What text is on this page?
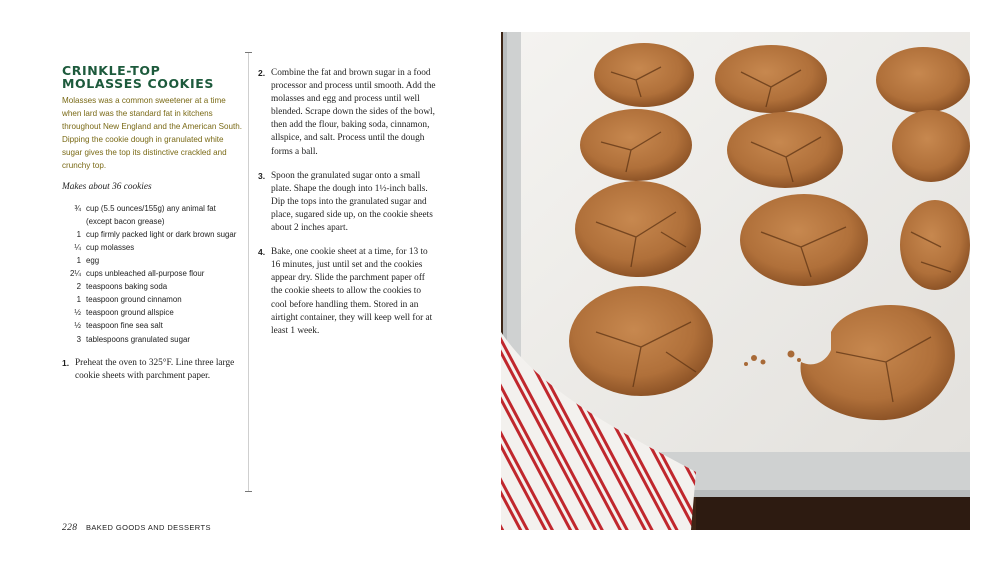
CRINKLE-TOP MOLASSES COOKIES

Molasses was a common sweetener at a time when lard was the standard fat in kitchens throughout New England and the American South. Dipping the cookie dough in granulated white sugar gives the top its distinctive crackled and crunchy top.

Makes about 36 cookies

¾ cup (5.5 ounces/155g) any animal fat (except bacon grease)
1 cup firmly packed light or dark brown sugar
¼ cup molasses
1 egg
2¼ cups unbleached all-purpose flour
2 teaspoons baking soda
1 teaspoon ground cinnamon
½ teaspoon ground allspice
½ teaspoon fine sea salt
3 tablespoons granulated sugar
1. Preheat the oven to 325°F. Line three large cookie sheets with parchment paper.
2. Combine the fat and brown sugar in a food processor and process until smooth. Add the molasses and egg and process until well blended. Scrape down the sides of the bowl, then add the flour, baking soda, cinnamon, allspice, and salt. Process until the dough forms a ball.
3. Spoon the granulated sugar onto a small plate. Shape the dough into 1½-inch balls. Dip the tops into the granulated sugar and place, sugared side up, on the cookie sheets about 2 inches apart.
4. Bake, one cookie sheet at a time, for 13 to 16 minutes, just until set and the cookies appear dry. Slide the parchment paper off the cookie sheets to allow the cookies to cool before handling them. Stored in an airtight container, they will keep well for at least 1 week.
228 BAKED GOODS AND DESSERTS
